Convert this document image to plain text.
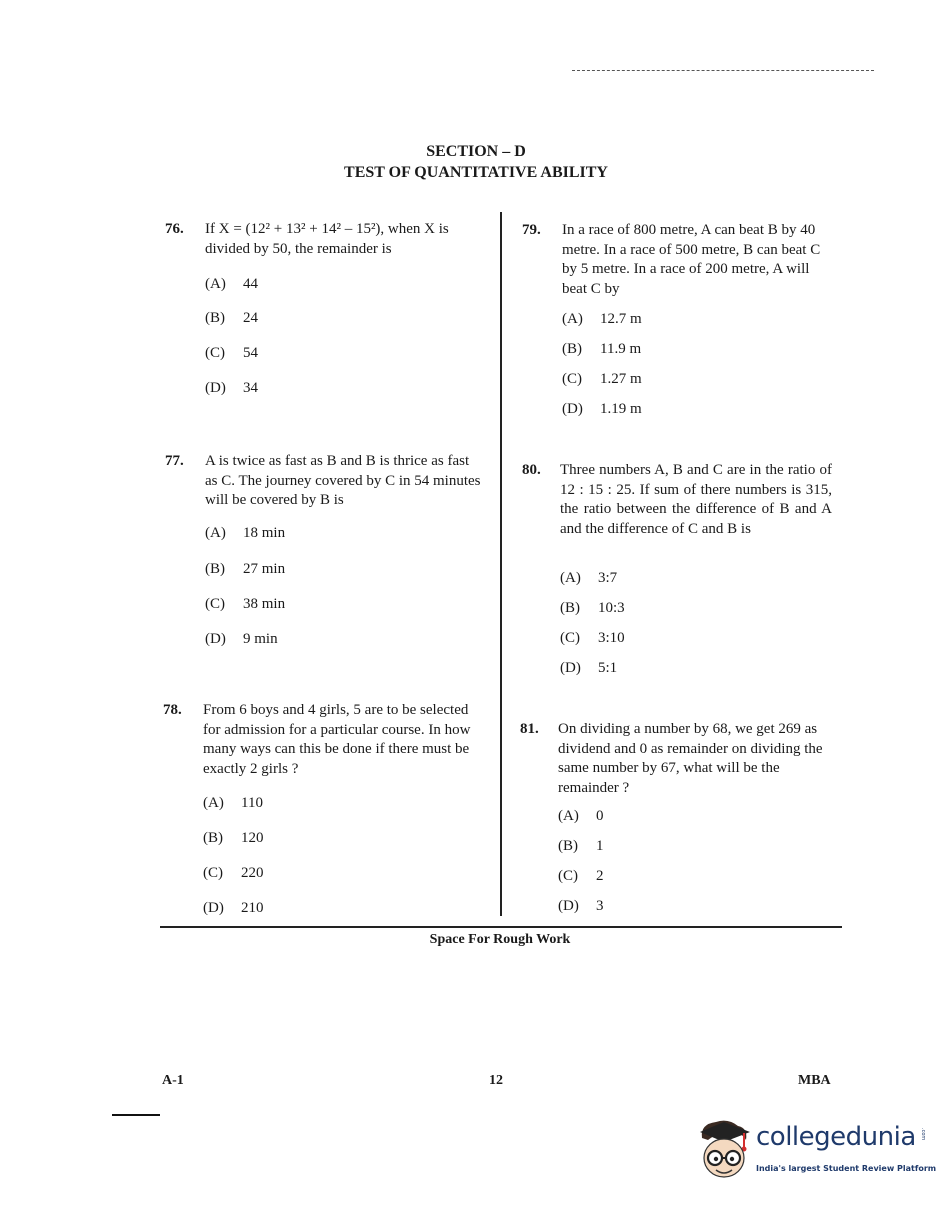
SECTION – D
TEST OF QUANTITATIVE ABILITY
76. If X = (12² + 13² + 14² – 15²), when X is divided by 50, the remainder is
(A) 44
(B) 24
(C) 54
(D) 34
77. A is twice as fast as B and B is thrice as fast as C. The journey covered by C in 54 minutes will be covered by B is
(A) 18 min
(B) 27 min
(C) 38 min
(D) 9 min
78. From 6 boys and 4 girls, 5 are to be selected for admission for a particular course. In how many ways can this be done if there must be exactly 2 girls ?
(A) 110
(B) 120
(C) 220
(D) 210
79. In a race of 800 metre, A can beat B by 40 metre. In a race of 500 metre, B can beat C by 5 metre. In a race of 200 metre, A will beat C by
(A) 12.7 m
(B) 11.9 m
(C) 1.27 m
(D) 1.19 m
80. Three numbers A, B and C are in the ratio of 12 : 15 : 25. If sum of there numbers is 315, the ratio between the difference of B and A and the difference of C and B is
(A) 3:7
(B) 10:3
(C) 3:10
(D) 5:1
81. On dividing a number by 68, we get 269 as dividend and 0 as remainder on dividing the same number by 67, what will be the remainder ?
(A) 0
(B) 1
(C) 2
(D) 3
Space For Rough Work
A-1	12	MBA
collegedunia .com
India's largest Student Review Platform
